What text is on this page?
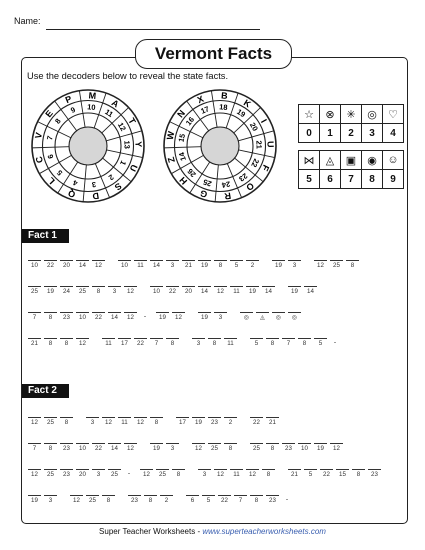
Name:
Vermont Facts
Use the decoders below to reveal the state facts.
M
A
T
Y
U
S
D
Q
L
C
V
E
P
10
11
12
13
1
2
3
4
5
6
7
8
9
B
K
I
U
F
O
R
G
H
Z
W
N
X
18 19
20
21
22
23
24
25
26
14
15
16
17	☆	⊗	✳	◎	♡
0	1	2	3	4
⋈	◬	▣	◉	☺
5	6	7	8	9
Fact 1
10	22	20	14	12	10	11	14	3	21	19	8	5	2	19	3	12	25	8
25	19	24	25	8	3	12	10	22	20	14	12	11	19	14	19	14
7	8	23	10	22	14	12	.	19	12	19	3	◎	◬	◎	◎
21	8	8	12	11	17	22	7	8	3	8	11	5	8	7	8	5	.
Fact 2
12	25	8	3	12	11	12	8	17	19	23	2	22	21
7	8	23	10	22	14	12	19	3	12	25	8	25	8	23	10	19	12
12	25	23	20	3	25	.	12	25	8	3	12	11	12	8	21	5	22	15	8	23
19	3	12	25	8	23	8	2	6	5	22	7	8	23	.
Super Teacher Worksheets - www.superteacherworksheets.com
